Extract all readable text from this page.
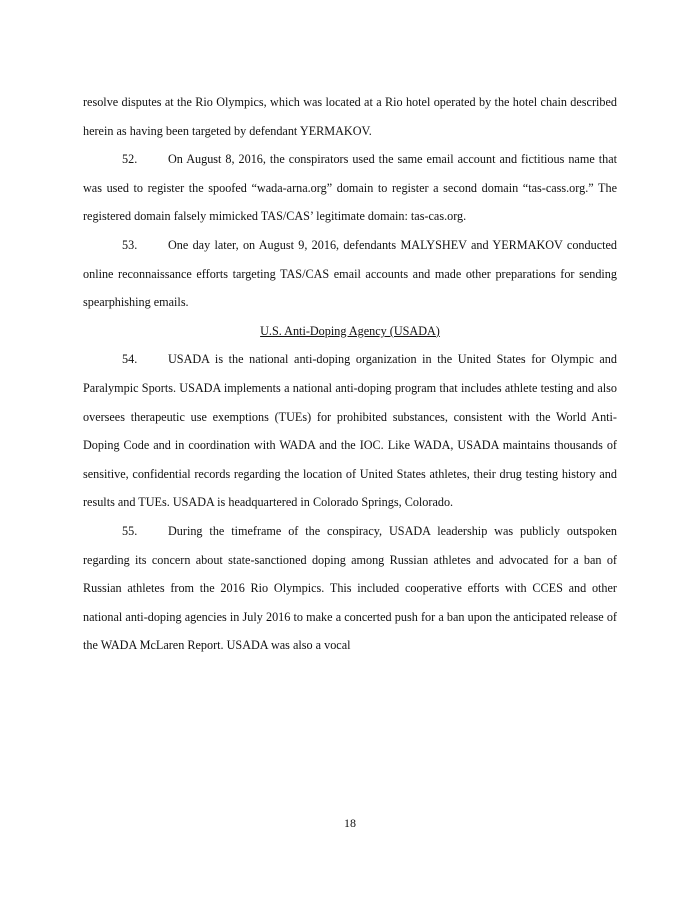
resolve disputes at the Rio Olympics, which was located at a Rio hotel operated by the hotel chain described herein as having been targeted by defendant YERMAKOV.

52.	On August 8, 2016, the conspirators used the same email account and fictitious name that was used to register the spoofed “wada-arna.org” domain to register a second domain “tas-cass.org.” The registered domain falsely mimicked TAS/CAS’ legitimate domain: tas-cas.org.

53.	One day later, on August 9, 2016, defendants MALYSHEV and YERMAKOV conducted online reconnaissance efforts targeting TAS/CAS email accounts and made other preparations for sending spearphishing emails.

U.S. Anti-Doping Agency (USADA)

54.	USADA is the national anti-doping organization in the United States for Olympic and Paralympic Sports. USADA implements a national anti-doping program that includes athlete testing and also oversees therapeutic use exemptions (TUEs) for prohibited substances, consistent with the World Anti-Doping Code and in coordination with WADA and the IOC. Like WADA, USADA maintains thousands of sensitive, confidential records regarding the location of United States athletes, their drug testing history and results and TUEs. USADA is headquartered in Colorado Springs, Colorado.

55.	During the timeframe of the conspiracy, USADA leadership was publicly outspoken regarding its concern about state-sanctioned doping among Russian athletes and advocated for a ban of Russian athletes from the 2016 Rio Olympics. This included cooperative efforts with CCES and other national anti-doping agencies in July 2016 to make a concerted push for a ban upon the anticipated release of the WADA McLaren Report. USADA was also a vocal

18
